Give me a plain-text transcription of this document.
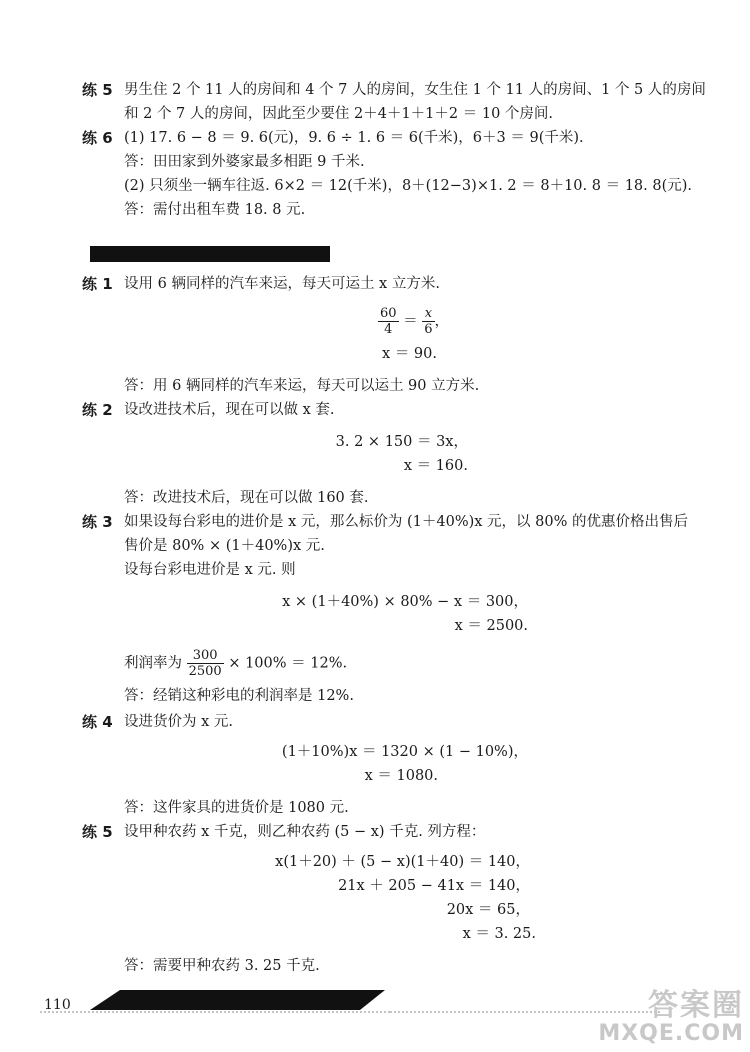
练 5 男生住 2 个 11 人的房间和 4 个 7 人的房间，女生住 1 个 11 人的房间、1 个 5 人的房间
和 2 个 7 人的房间，因此至少要住 2＋4＋1＋1＋2 ＝ 10 个房间.
练 6 (1) 17. 6 − 8 ＝ 9. 6(元)，9. 6 ÷ 1. 6 ＝ 6(千米)，6＋3 ＝ 9(千米).
答：田田家到外婆家最多相距 9 千米.
(2) 只须坐一辆车往返. 6×2 ＝ 12(千米)，8＋(12−3)×1. 2 ＝ 8＋10. 8 ＝ 18. 8(元).
答：需付出租车费 18. 8 元.
练 1 设用 6 辆同样的汽车来运，每天可运土 x 立方米.
$\frac{60}{4} = \frac{x}{6}$ ，
x ＝ 90.
答：用 6 辆同样的汽车来运，每天可以运土 90 立方米.
练 2 设改进技术后，现在可以做 x 套.
3. 2 × 150 ＝ 3x，
x ＝ 160.
答：改进技术后，现在可以做 160 套.
练 3 如果设每台彩电的进价是 x 元，那么标价为 (1＋40%)x 元，以 80% 的优惠价格出售后
售价是 80% × (1＋40%)x 元.
设每台彩电进价是 x 元. 则
x × (1＋40%) × 80% − x ＝ 300，
x ＝ 2500.
利润率为 $\frac{300}{2500} \times 100\% = 12\%$.
答：经销这种彩电的利润率是 12%.
练 4 设进货价为 x 元.
(1＋10%)x ＝ 1320 × (1 − 10%)，
x ＝ 1080.
答：这件家具的进货价是 1080 元.
练 5 设甲种农药 x 千克，则乙种农药 (5 − x) 千克. 列方程：
x(1＋20) ＋ (5 − x)(1＋40) ＝ 140，
21x ＋ 205 − 41x ＝ 140，
20x ＝ 65，
x ＝ 3. 25.
答：需要甲种农药 3. 25 千克.
110	答案圈
MXQE.COM
